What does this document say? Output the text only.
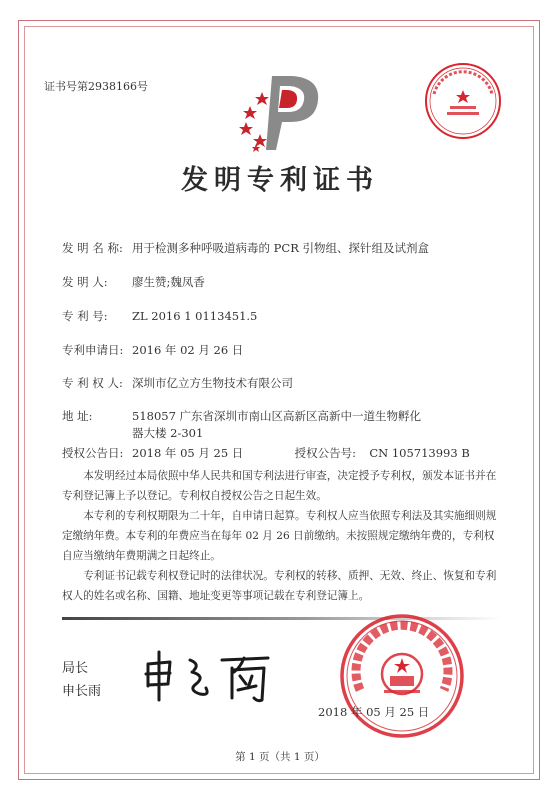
证书号第2938166号
发明专利证书
发 明 名 称: 用于检测多种呼吸道病毒的 PCR 引物组、探针组及试剂盒
发 明 人: 廖生赞;魏凤香
专 利 号: ZL 2016 1 0113451.5
专利申请日: 2016 年 02 月 26 日
专 利 权 人: 深圳市亿立方生物技术有限公司
地 址:	518057 广东省深圳市南山区高新区高新中一道生物孵化
器大楼 2-301
授权公告日: 2018 年 05 月 25 日	授权公告号: CN 105713993 B

本发明经过本局依照中华人民共和国专利法进行审查，决定授予专利权，颁发本证书并在专利登记簿上予以登记。专利权自授权公告之日起生效。

本专利的专利权期限为二十年，自申请日起算。专利权人应当依照专利法及其实施细则规定缴纳年费。本专利的年费应当在每年 02 月 26 日前缴纳。未按照规定缴纳年费的，专利权自应当缴纳年费期满之日起终止。

专利证书记载专利权登记时的法律状况。专利权的转移、质押、无效、终止、恢复和专利权人的姓名或名称、国籍、地址变更等事项记载在专利登记簿上。

局长
申长雨
2018 年 05 月 25 日
第 1 页（共 1 页）
